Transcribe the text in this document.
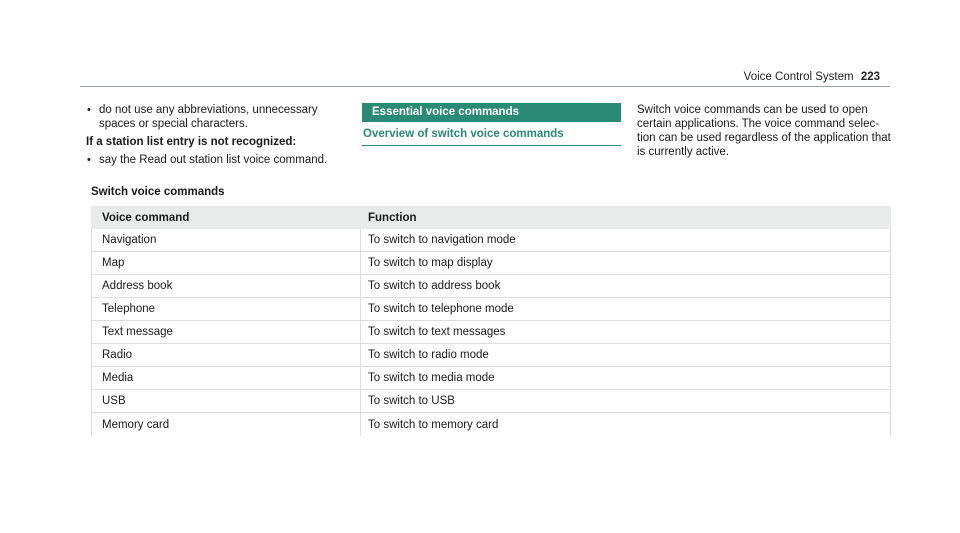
Voice Control System 223
• do not use any abbreviations, unnecessary spaces or special characters.
If a station list entry is not recognized:
• say the Read out station list voice command.
Essential voice commands
Overview of switch voice commands

Switch voice commands can be used to open certain applications. The voice command selec-tion can be used regardless of the application that is currently active.

Switch voice commands
Voice command	Function
Navigation	To switch to navigation mode
Map	To switch to map display
Address book	To switch to address book
Telephone	To switch to telephone mode
Text message	To switch to text messages
Radio	To switch to radio mode
Media	To switch to media mode
USB	To switch to USB
Memory card	To switch to memory card
